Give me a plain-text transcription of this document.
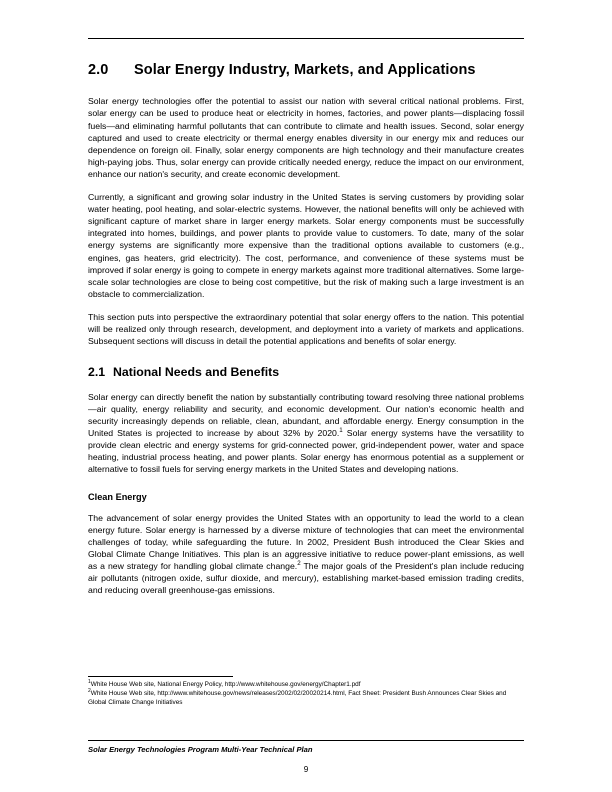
2.0 Solar Energy Industry, Markets, and Applications

Solar energy technologies offer the potential to assist our nation with several critical national problems. First, solar energy can be used to produce heat or electricity in homes, factories, and power plants—displacing fossil fuels—and eliminating harmful pollutants that can contribute to climate and health issues. Second, solar energy captured and used to create electricity or thermal energy enables diversity in our energy mix and reduces our dependence on foreign oil. Finally, solar energy components are high technology and their manufacture creates high-paying jobs. Thus, solar energy can provide critically needed energy, reduce the impact on our environment, enhance our nation's security, and create economic development.

Currently, a significant and growing solar industry in the United States is serving customers by providing solar water heating, pool heating, and solar-electric systems. However, the national benefits will only be achieved with significant capture of market share in larger energy markets. Solar energy components must be successfully integrated into homes, buildings, and power plants to provide value to customers. To date, many of the solar energy systems are significantly more expensive than the traditional options available to customers (e.g., engines, gas heaters, grid electricity). The cost, performance, and convenience of these systems must be improved if solar energy is going to compete in energy markets against more traditional alternatives. Some large-scale solar technologies are close to being cost competitive, but the risk of making such a large investment is an obstacle to commercialization.

This section puts into perspective the extraordinary potential that solar energy offers to the nation. This potential will be realized only through research, development, and deployment into a variety of markets and applications. Subsequent sections will discuss in detail the potential applications and benefits of solar energy.

2.1 National Needs and Benefits

Solar energy can directly benefit the nation by substantially contributing toward resolving three national problems—air quality, energy reliability and security, and economic development. Our nation's economic health and security increasingly depends on reliable, clean, abundant, and affordable energy. Energy consumption in the United States is projected to increase by about 32% by 2020.$^1$ Solar energy systems have the versatility to provide clean electric and energy systems for grid-connected power, grid-independent power, water and space heating, industrial process heating, and power plants. Solar energy has enormous potential as a supplement or alternative to fossil fuels for serving energy markets in the United States and developing nations.

Clean Energy

The advancement of solar energy provides the United States with an opportunity to lead the world to a clean energy future. Solar energy is harnessed by a diverse mixture of technologies that can meet the environmental challenges of today, while safeguarding the future. In 2002, President Bush introduced the Clear Skies and Global Climate Change Initiatives. This plan is an aggressive initiative to reduce power-plant emissions, as well as a new strategy for handling global climate change.$^2$ The major goals of the President's plan include reducing air pollutants (nitrogen oxide, sulfur dioxide, and mercury), establishing market-based emission trading credits, and reducing overall greenhouse-gas emissions.

$^1$White House Web site, National Energy Policy, http://www.whitehouse.gov/energy/Chapter1.pdf

$^2$White House Web site, http://www.whitehouse.gov/news/releases/2002/02/20020214.html, Fact Sheet: President Bush Announces Clear Skies and Global Climate Change Initiatives

Solar Energy Technologies Program Multi-Year Technical Plan
9
